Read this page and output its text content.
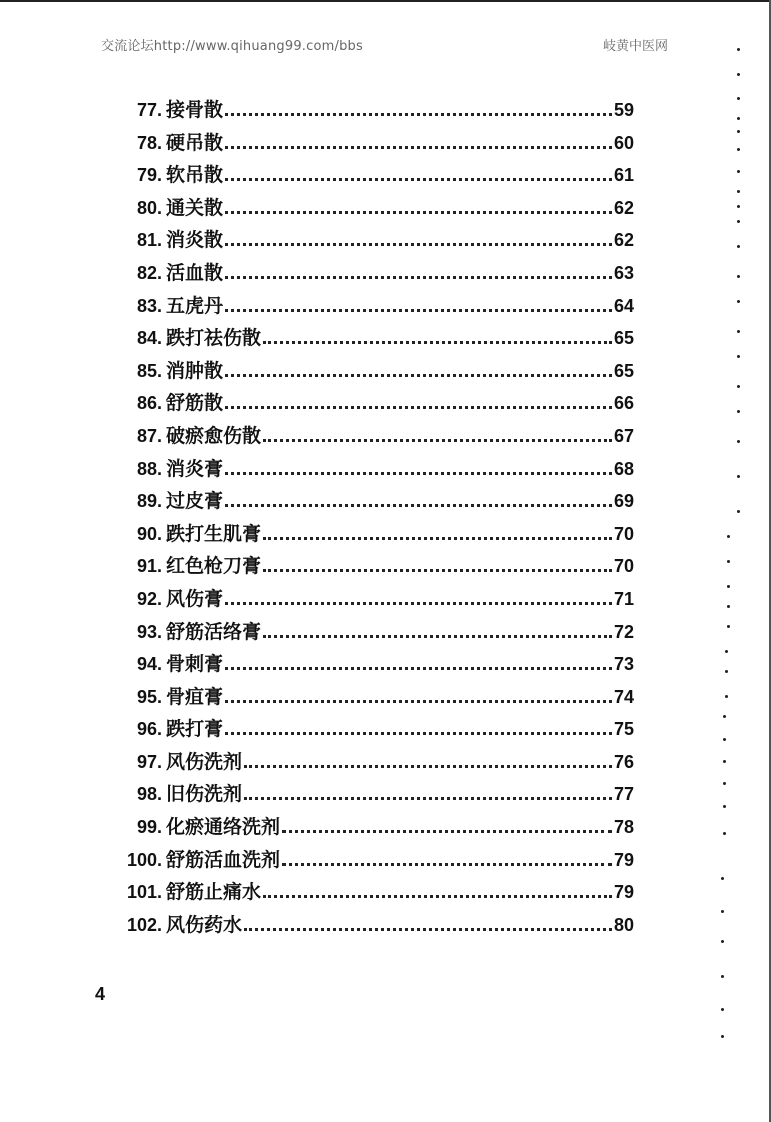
交流论坛http://www.qihuang99.com/bbs	岐黄中医网
77. 接骨散	59
78. 硬吊散	60
79. 软吊散	61
80. 通关散	62
81. 消炎散	62
82. 活血散	63
83. 五虎丹	64
84. 跌打祛伤散	65
85. 消肿散	65
86. 舒筋散	66
87. 破瘀愈伤散	67
88. 消炎膏	68
89. 过皮膏	69
90. 跌打生肌膏	70
91. 红色枪刀膏	70
92. 风伤膏	71
93. 舒筋活络膏	72
94. 骨刺膏	73
95. 骨疽膏	74
96. 跌打膏	75
97. 风伤洗剂	76
98. 旧伤洗剂	77
99. 化瘀通络洗剂	78
100. 舒筋活血洗剂	79
101. 舒筋止痛水	79
102. 风伤药水	80
4
